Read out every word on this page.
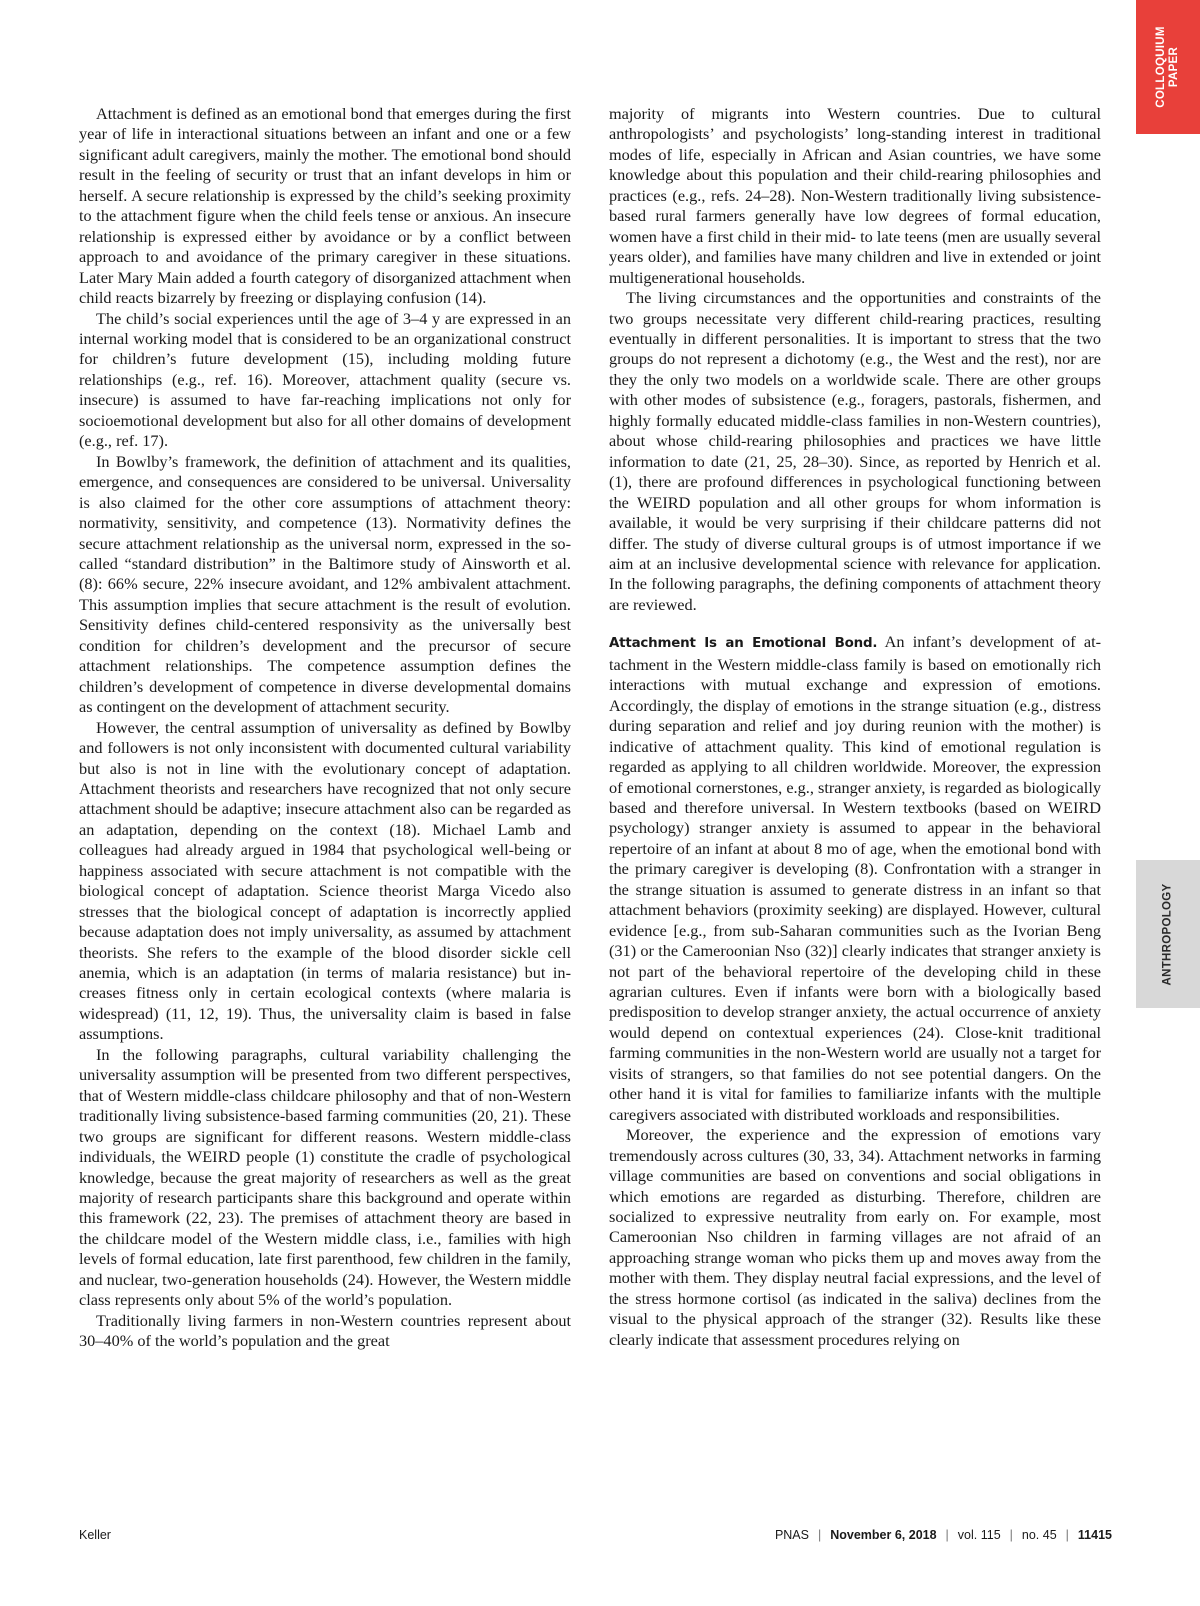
COLLOQUIUM
PAPER
ANTHROPOLOGY

Attachment is defined as an emotional bond that emerges during the first year of life in interactional situations between an infant and one or a few significant adult caregivers, mainly the mother. The emotional bond should result in the feeling of security or trust that an infant develops in him or herself. A secure relationship is expressed by the child’s seeking proximity to the attachment figure when the child feels tense or anxious. An insecure relationship is expressed either by avoidance or by a conflict between approach to and avoidance of the primary caregiver in these situations. Later Mary Main added a fourth category of disorganized attachment when child reacts bizarrely by freezing or displaying confusion (14).

The child’s social experiences until the age of 3–4 y are expressed in an internal working model that is considered to be an organizational construct for children’s future development (15), including molding future relationships (e.g., ref. 16). Moreover, attachment quality (secure vs. insecure) is assumed to have far-reaching implications not only for socioemotional development but also for all other domains of development (e.g., ref. 17).

In Bowlby’s framework, the definition of attachment and its qualities, emergence, and consequences are considered to be universal. Universality is also claimed for the other core assumptions of attachment theory: normativity, sensitivity, and competence (13). Normativity defines the secure attachment relationship as the universal norm, expressed in the so-called “standard distribution” in the Baltimore study of Ainsworth et al. (8): 66% secure, 22% insecure avoidant, and 12% ambivalent attachment. This assumption implies that secure attachment is the result of evolution. Sensitivity defines child-centered responsivity as the universally best condition for children’s development and the precursor of secure attachment relationships. The competence assumption defines the children’s development of competence in diverse developmental domains as contingent on the development of attachment security.

However, the central assumption of universality as defined by Bowlby and followers is not only inconsistent with documented cultural variability but also is not in line with the evolutionary concept of adaptation. Attachment theorists and researchers have recognized that not only secure attachment should be adaptive; insecure attachment also can be regarded as an adaptation, depending on the context (18). Michael Lamb and colleagues had already argued in 1984 that psychological well-being or happiness associated with secure attachment is not compatible with the biological concept of adaptation. Science theorist Marga Vicedo also stresses that the biological concept of adaptation is incorrectly applied because adaptation does not imply universality, as assumed by attachment theorists. She refers to the example of the blood disorder sickle cell anemia, which is an adaptation (in terms of malaria resistance) but increases fitness only in certain ecological contexts (where malaria is widespread) (11, 12, 19). Thus, the universality claim is based in false assumptions.

In the following paragraphs, cultural variability challenging the universality assumption will be presented from two different perspectives, that of Western middle-class childcare philosophy and that of non-Western traditionally living subsistence-based farming communities (20, 21). These two groups are significant for different reasons. Western middle-class individuals, the WEIRD people (1) constitute the cradle of psychological knowledge, because the great majority of researchers as well as the great majority of research participants share this background and operate within this framework (22, 23). The premises of attachment theory are based in the childcare model of the Western middle class, i.e., families with high levels of formal education, late first parenthood, few children in the family, and nuclear, two-generation households (24). However, the Western middle class represents only about 5% of the world’s population.

Traditionally living farmers in non-Western countries represent about 30–40% of the world’s population and the great

majority of migrants into Western countries. Due to cultural anthropologists’ and psychologists’ long-standing interest in traditional modes of life, especially in African and Asian countries, we have some knowledge about this population and their child-rearing philosophies and practices (e.g., refs. 24–28). Non-Western traditionally living subsistence-based rural farmers generally have low degrees of formal education, women have a first child in their mid- to late teens (men are usually several years older), and families have many children and live in extended or joint multigenerational households.

The living circumstances and the opportunities and constraints of the two groups necessitate very different child-rearing practices, resulting eventually in different personalities. It is important to stress that the two groups do not represent a dichotomy (e.g., the West and the rest), nor are they the only two models on a worldwide scale. There are other groups with other modes of subsistence (e.g., foragers, pastorals, fishermen, and highly formally educated middle-class families in non-Western countries), about whose child-rearing philosophies and practices we have little information to date (21, 25, 28–30). Since, as reported by Henrich et al. (1), there are profound differences in psychological functioning between the WEIRD population and all other groups for whom information is available, it would be very surprising if their childcare patterns did not differ. The study of diverse cultural groups is of utmost importance if we aim at an inclusive developmental science with relevance for application. In the following paragraphs, the defining components of attachment theory are reviewed.

Attachment Is an Emotional Bond. An infant’s development of attachment in the Western middle-class family is based on emotionally rich interactions with mutual exchange and expression of emotions. Accordingly, the display of emotions in the strange situation (e.g., distress during separation and relief and joy during reunion with the mother) is indicative of attachment quality. This kind of emotional regulation is regarded as applying to all children worldwide. Moreover, the expression of emotional cornerstones, e.g., stranger anxiety, is regarded as biologically based and therefore universal. In Western textbooks (based on WEIRD psychology) stranger anxiety is assumed to appear in the behavioral repertoire of an infant at about 8 mo of age, when the emotional bond with the primary caregiver is developing (8). Confrontation with a stranger in the strange situation is assumed to generate distress in an infant so that attachment behaviors (proximity seeking) are displayed. However, cultural evidence [e.g., from sub-Saharan communities such as the Ivorian Beng (31) or the Cameroonian Nso (32)] clearly indicates that stranger anxiety is not part of the behavioral repertoire of the developing child in these agrarian cultures. Even if infants were born with a biologically based predisposition to develop stranger anxiety, the actual occurrence of anxiety would depend on contextual experiences (24). Close-knit traditional farming communities in the non-Western world are usually not a target for visits of strangers, so that families do not see potential dangers. On the other hand it is vital for families to familiarize infants with the multiple caregivers associated with distributed workloads and responsibilities.

Moreover, the experience and the expression of emotions vary tremendously across cultures (30, 33, 34). Attachment networks in farming village communities are based on conventions and social obligations in which emotions are regarded as disturbing. Therefore, children are socialized to expressive neutrality from early on. For example, most Cameroonian Nso children in farming villages are not afraid of an approaching strange woman who picks them up and moves away from the mother with them. They display neutral facial expressions, and the level of the stress hormone cortisol (as indicated in the saliva) declines from the visual to the physical approach of the stranger (32). Results like these clearly indicate that assessment procedures relying on

Keller	PNAS | November 6, 2018 | vol. 115 | no. 45 | 11415
